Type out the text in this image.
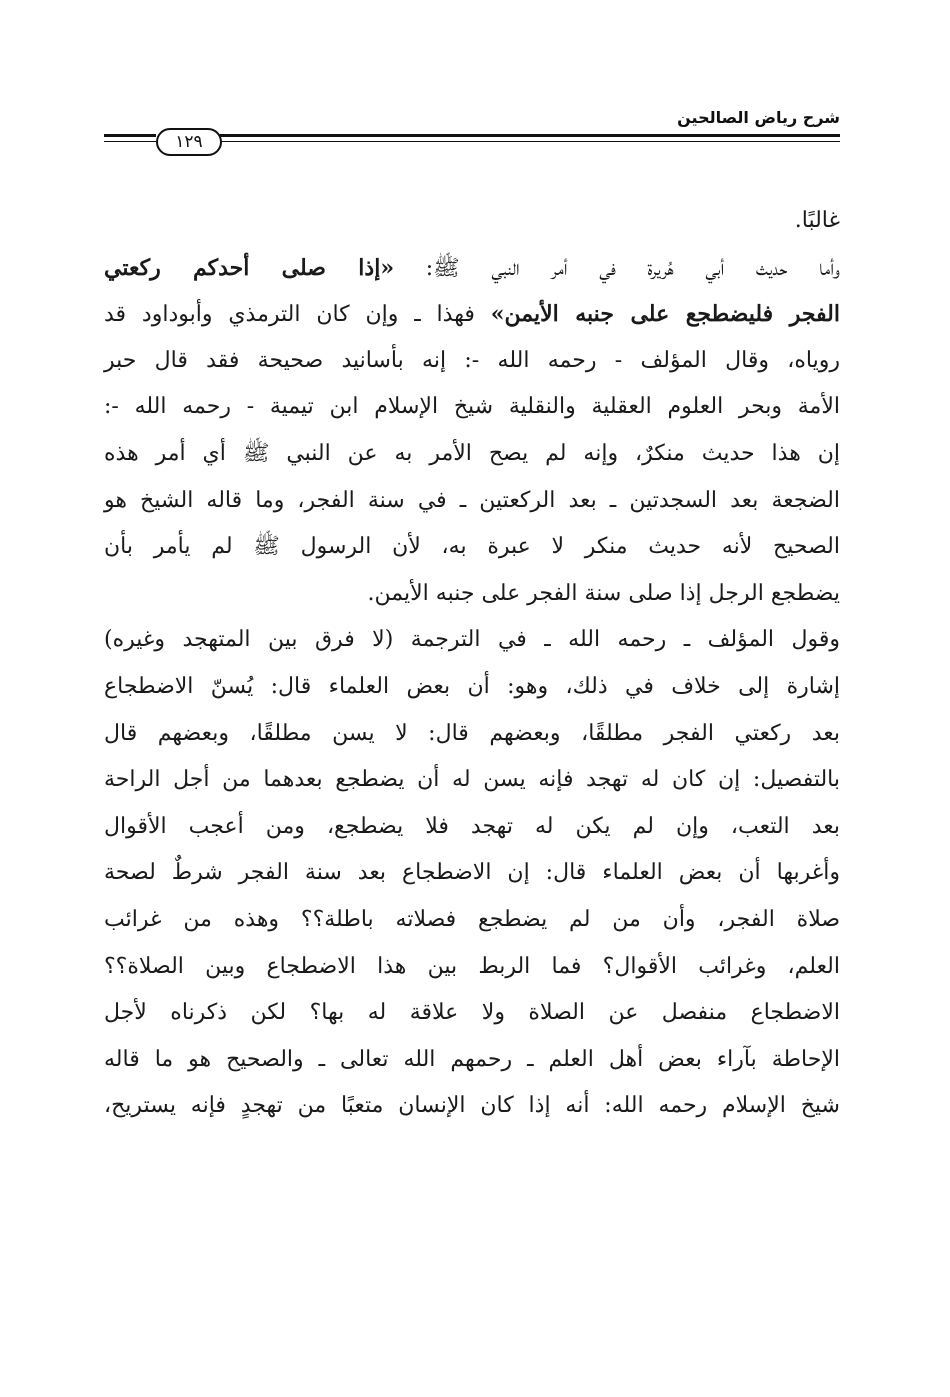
شرح رياض الصالحين
١٢٩
غالبًا.
وأما حديث أبي هُريرة في أمر النبي ﷺ: «إذا صلى أحدكم ركعتي
الفجر فليضطجع على جنبه الأيمن» فهذا ـ وإن كان الترمذي وأبوداود قد
روياه، وقال المؤلف - رحمه الله -: إنه بأسانيد صحيحة فقد قال حبر
الأمة وبحر العلوم العقلية والنقلية شيخ الإسلام ابن تيمية - رحمه الله -:
إن هذا حديث منكرٌ، وإنه لم يصح الأمر به عن النبي ﷺ أي أمر هذه
الضجعة بعد السجدتين ـ بعد الركعتين ـ في سنة الفجر، وما قاله الشيخ هو
الصحيح لأنه حديث منكر لا عبرة به، لأن الرسول ﷺ لم يأمر بأن
يضطجع الرجل إذا صلى سنة الفجر على جنبه الأيمن.
وقول المؤلف ـ رحمه الله ـ في الترجمة (لا فرق بين المتهجد وغيره)
إشارة إلى خلاف في ذلك، وهو: أن بعض العلماء قال: يُسنّ الاضطجاع
بعد ركعتي الفجر مطلقًا، وبعضهم قال: لا يسن مطلقًا، وبعضهم قال
بالتفصيل: إن كان له تهجد فإنه يسن له أن يضطجع بعدهما من أجل الراحة
بعد التعب، وإن لم يكن له تهجد فلا يضطجع، ومن أعجب الأقوال
وأغربها أن بعض العلماء قال: إن الاضطجاع بعد سنة الفجر شرطٌ لصحة
صلاة الفجر، وأن من لم يضطجع فصلاته باطلة؟؟ وهذه من غرائب
العلم، وغرائب الأقوال؟ فما الربط بين هذا الاضطجاع وبين الصلاة؟؟
الاضطجاع منفصل عن الصلاة ولا علاقة له بها؟ لكن ذكرناه لأجل
الإحاطة بآراء بعض أهل العلم ـ رحمهم الله تعالى ـ والصحيح هو ما قاله
شيخ الإسلام رحمه الله: أنه إذا كان الإنسان متعبًا من تهجدٍ فإنه يستريح،
